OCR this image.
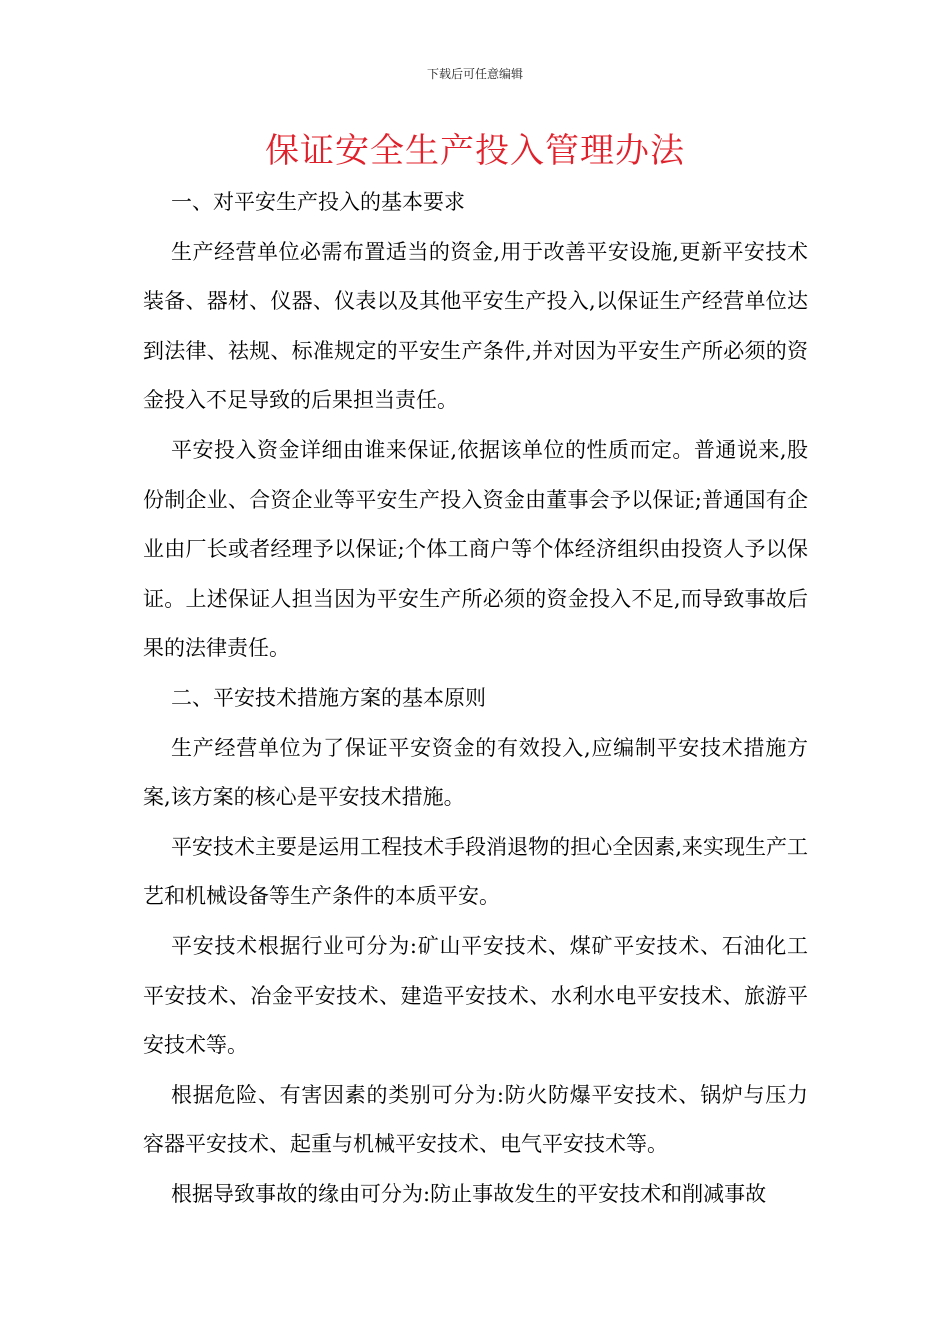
下载后可任意编辑
保证安全生产投入管理办法

一、对平安生产投入的基本要求

生产经营单位必需布置适当的资金,用于改善平安设施,更新平安技术装备、器材、仪器、仪表以及其他平安生产投入,以保证生产经营单位达到法律、祛规、标准规定的平安生产条件,并对因为平安生产所必须的资金投入不足导致的后果担当责任。

平安投入资金详细由谁来保证,依据该单位的性质而定。普通说来,股份制企业、合资企业等平安生产投入资金由董事会予以保证;普通国有企业由厂长或者经理予以保证;个体工商户等个体经济组织由投资人予以保证。上述保证人担当因为平安生产所必须的资金投入不足,而导致事故后果的法律责任。

二、平安技术措施方案的基本原则

生产经营单位为了保证平安资金的有效投入,应编制平安技术措施方案,该方案的核心是平安技术措施。

平安技术主要是运用工程技术手段消退物的担心全因素,来实现生产工艺和机械设备等生产条件的本质平安。

平安技术根据行业可分为:矿山平安技术、煤矿平安技术、石油化工平安技术、冶金平安技术、建造平安技术、水利水电平安技术、旅游平安技术等。

根据危险、有害因素的类别可分为:防火防爆平安技术、锅炉与压力容器平安技术、起重与机械平安技术、电气平安技术等。

根据导致事故的缘由可分为:防止事故发生的平安技术和削减事故
